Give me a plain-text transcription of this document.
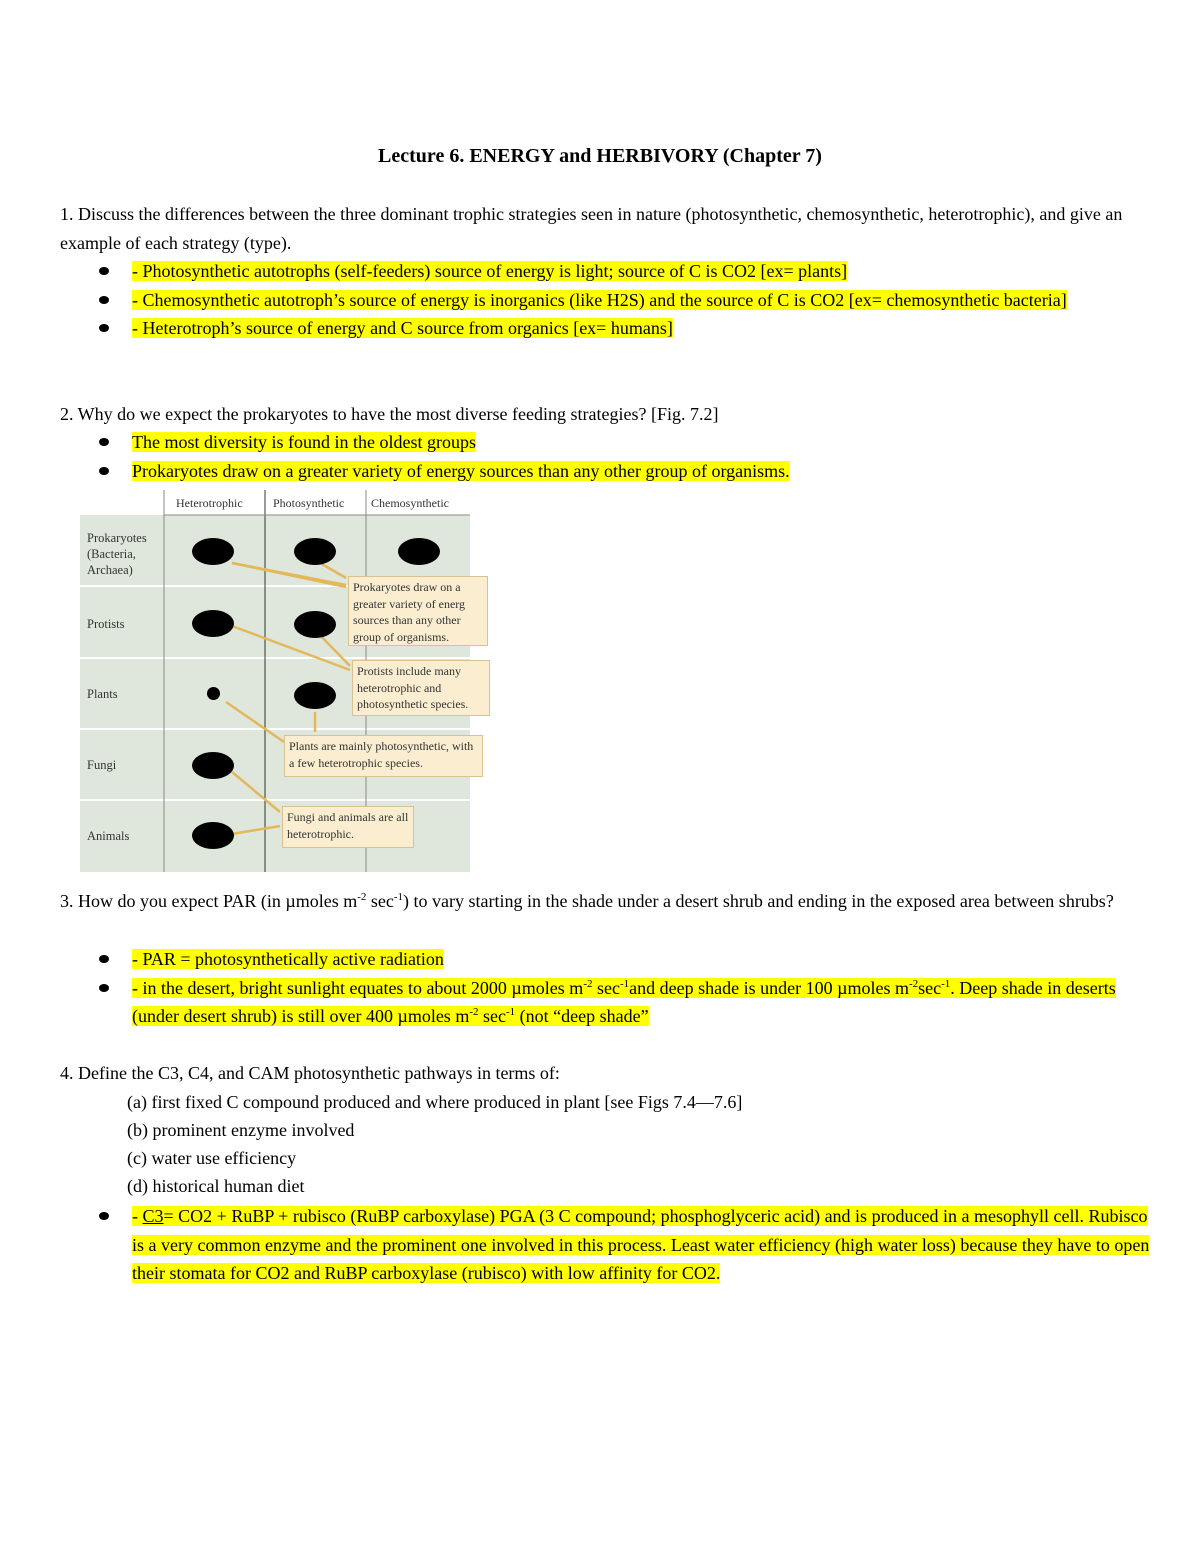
Lecture 6. ENERGY and HERBIVORY (Chapter 7)
1. Discuss the differences between the three dominant trophic strategies seen in nature (photosynthetic, chemosynthetic, heterotrophic), and give an example of each strategy (type).
- Photosynthetic autotrophs (self-feeders) source of energy is light; source of C is CO2 [ex= plants]
- Chemosynthetic autotroph’s source of energy is inorganics (like H2S) and the source of C is CO2 [ex= chemosynthetic bacteria]
- Heterotroph’s source of energy and C source from organics [ex= humans]
2. Why do we expect the prokaryotes to have the most diverse feeding strategies? [Fig. 7.2]
The most diversity is found in the oldest groups
Prokaryotes draw on a greater variety of energy sources than any other group of organisms.
Heterotrophic	Photosynthetic Chemosynthetic
Prokaryotes (Bacteria, Archaea)
Protists
Plants
Fungi
Animals
Prokaryotes draw on a greater variety of energ sources than any other group of organisms.
Protists include many heterotrophic and photosynthetic species.
Plants are mainly photosynthetic, with a few heterotrophic species.
Fungi and animals are all heterotrophic.
3. How do you expect PAR (in µmoles $m^{-2}$ $\sec^{-1}$) to vary starting in the shade under a desert shrub and ending in the exposed area between shrubs?
- PAR = photosynthetically active radiation
- in the desert, bright sunlight equates to about 2000 µmoles $m^{-2}$ $\sec^{-1}and$ deep shade is under 100 µmoles $m^{-2}\sec^{-1}$. Deep shade in deserts (under desert shrub) is still over 400 µmoles $m^{-2}$ $\sec^{-1} (not$ “deep shade”
4. Define the C3, C4, and CAM photosynthetic pathways in terms of:
(a) first fixed C compound produced and where produced in plant [see Figs 7.4—7.6]
(b) prominent enzyme involved
(c) water use efficiency
(d) historical human diet
- C3= CO2 + RuBP + rubisco (RuBP carboxylase) PGA (3 C compound; phosphoglyceric acid) and is produced in a mesophyll cell. Rubisco is a very common enzyme and the prominent one involved in this process. Least water efficiency (high water loss) because they have to open their stomata for CO2 and RuBP carboxylase (rubisco) with low affinity for CO2.
